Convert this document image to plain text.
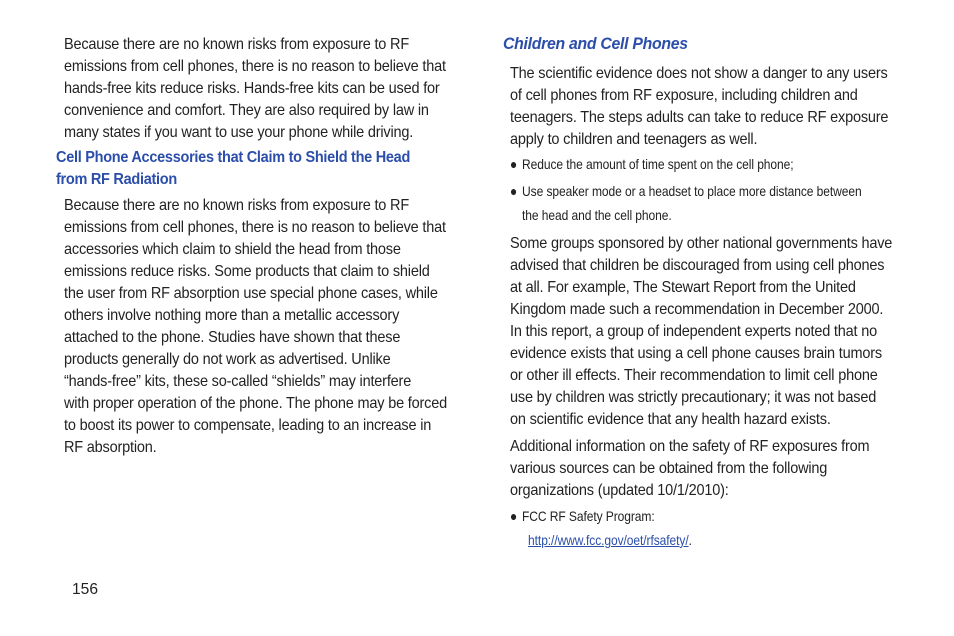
Because there are no known risks from exposure to RF
emissions from cell phones, there is no reason to believe that
hands-free kits reduce risks. Hands-free kits can be used for
convenience and comfort. They are also required by law in
many states if you want to use your phone while driving.
Cell Phone Accessories that Claim to Shield the Head
from RF Radiation
Because there are no known risks from exposure to RF
emissions from cell phones, there is no reason to believe that
accessories which claim to shield the head from those
emissions reduce risks. Some products that claim to shield
the user from RF absorption use special phone cases, while
others involve nothing more than a metallic accessory
attached to the phone. Studies have shown that these
products generally do not work as advertised. Unlike
“hands-free” kits, these so-called “shields” may interfere
with proper operation of the phone. The phone may be forced
to boost its power to compensate, leading to an increase in
RF absorption.
Children and Cell Phones
The scientific evidence does not show a danger to any users
of cell phones from RF exposure, including children and
teenagers. The steps adults can take to reduce RF exposure
apply to children and teenagers as well.
● Reduce the amount of time spent on the cell phone;
● Use speaker mode or a headset to place more distance between
the head and the cell phone.
Some groups sponsored by other national governments have
advised that children be discouraged from using cell phones
at all. For example, The Stewart Report from the United
Kingdom made such a recommendation in December 2000.
In this report, a group of independent experts noted that no
evidence exists that using a cell phone causes brain tumors
or other ill effects. Their recommendation to limit cell phone
use by children was strictly precautionary; it was not based
on scientific evidence that any health hazard exists.
Additional information on the safety of RF exposures from
various sources can be obtained from the following
organizations (updated 10/1/2010):
● FCC RF Safety Program:
http://www.fcc.gov/oet/rfsafety/.
156
